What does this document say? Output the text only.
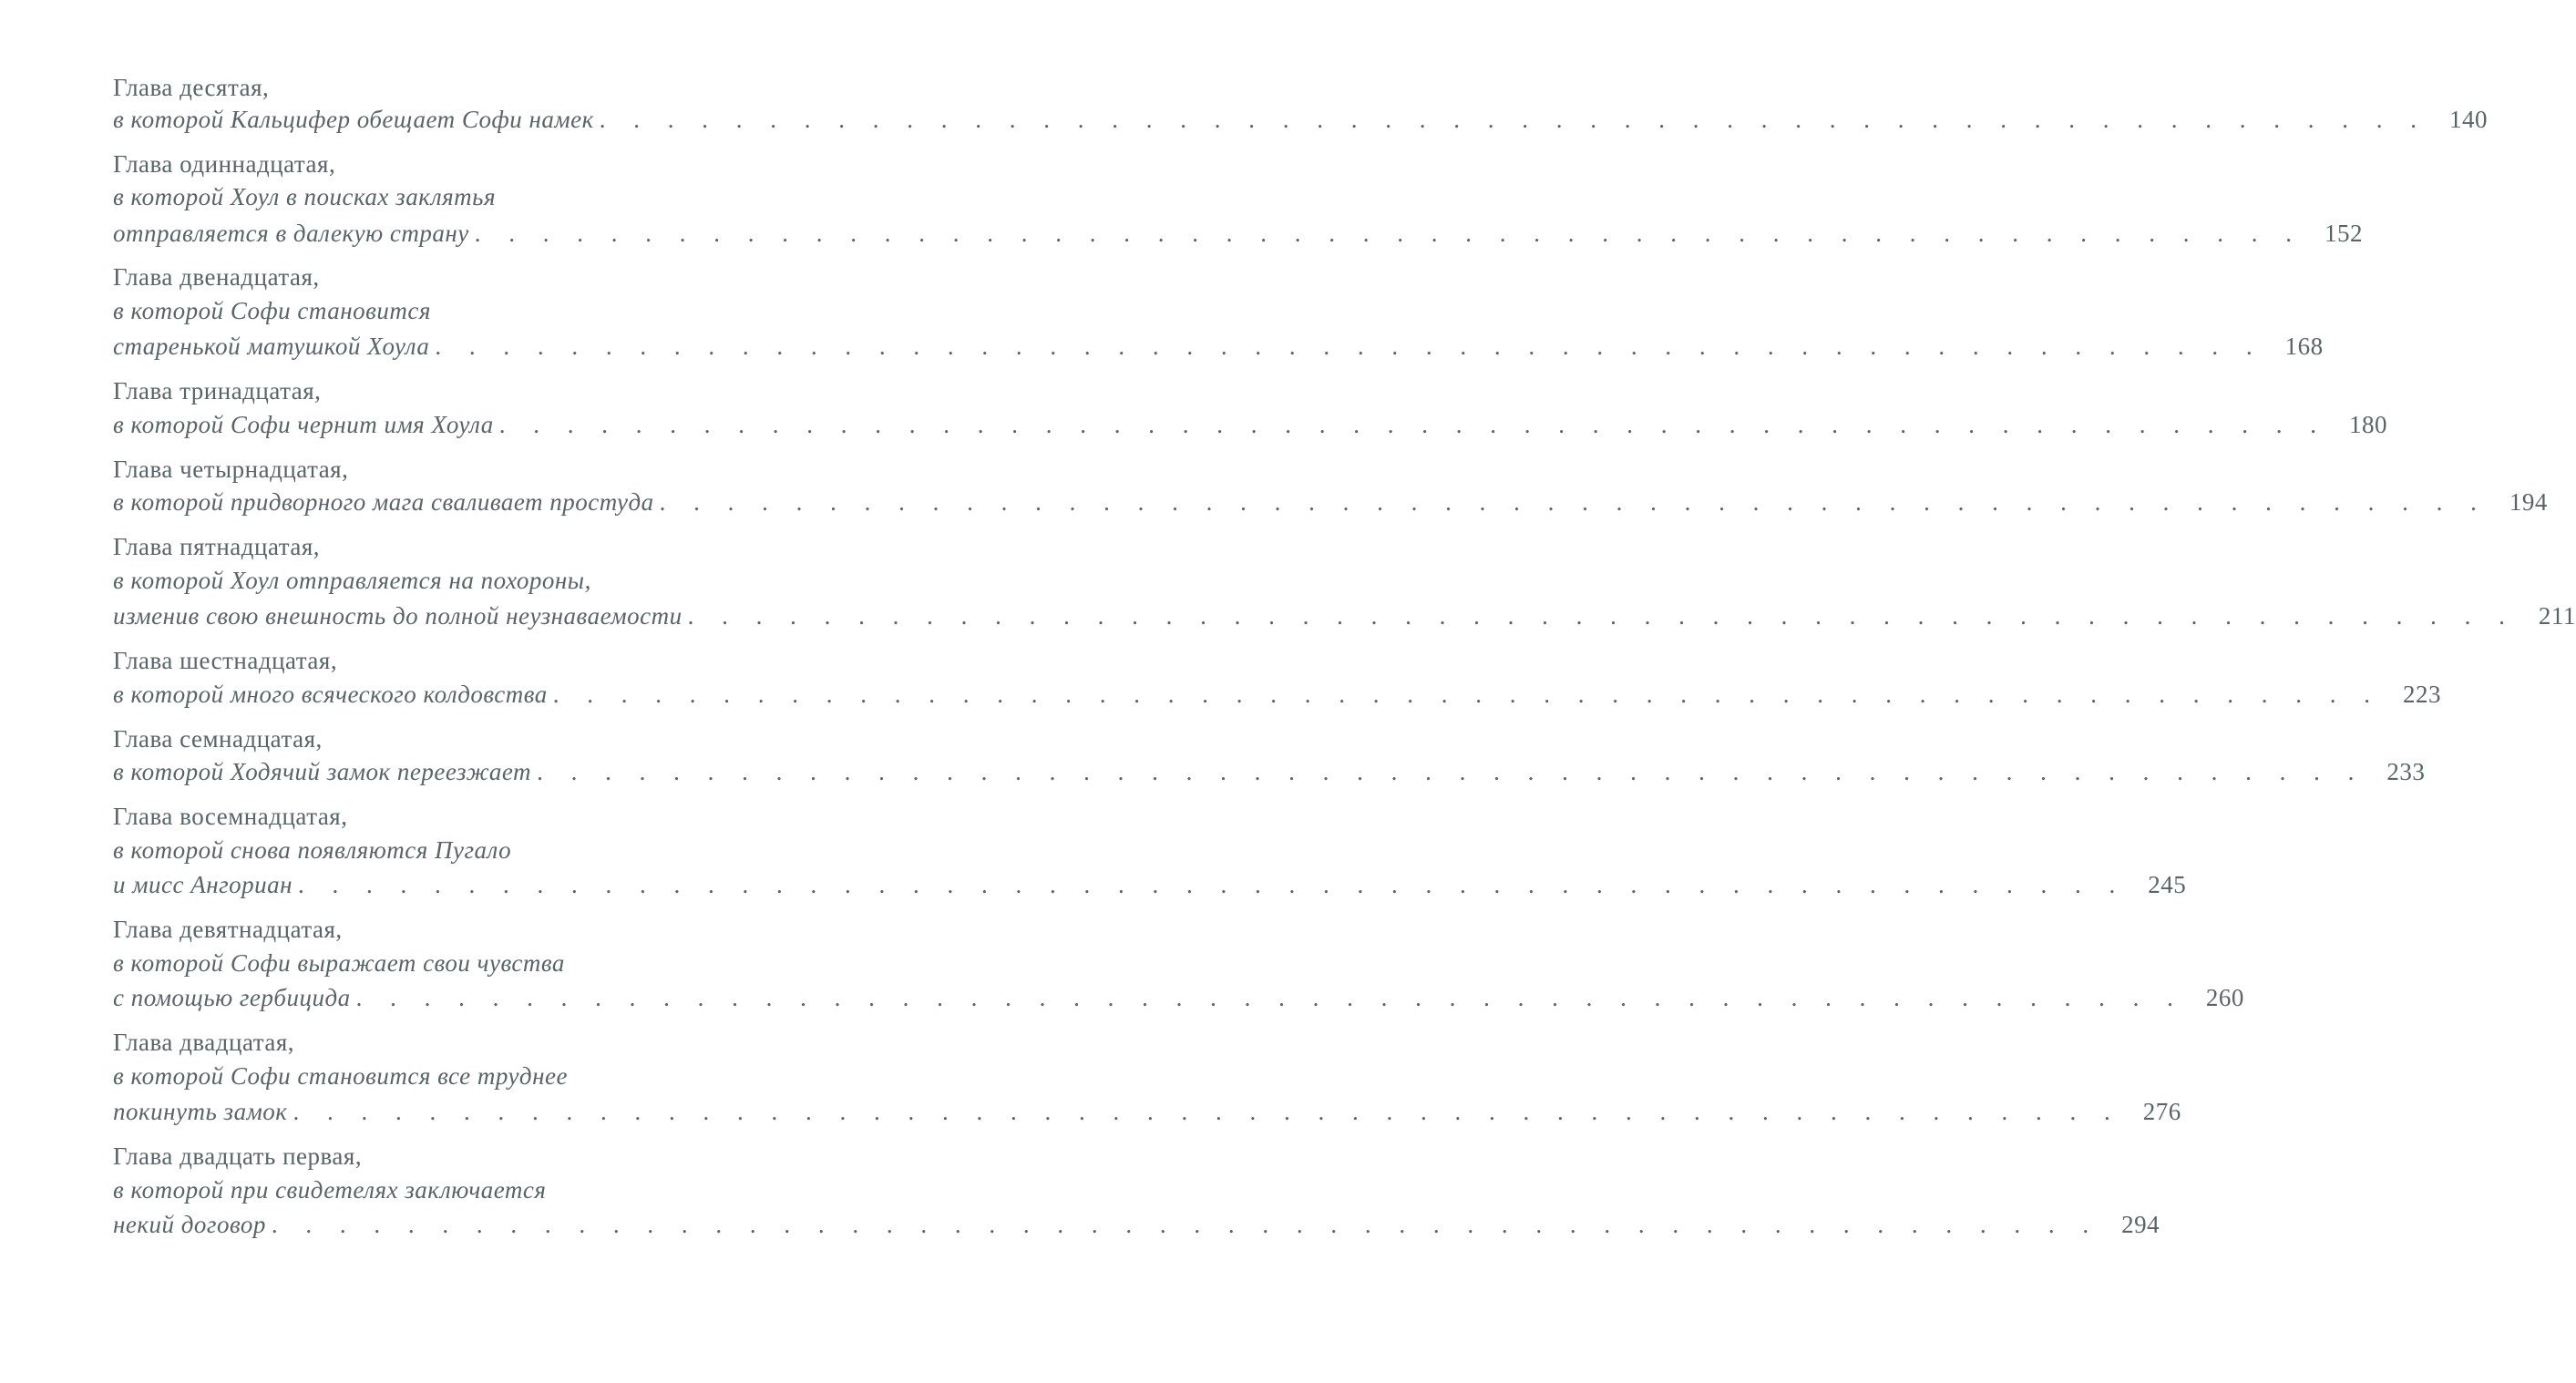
Глава десятая,
в которой Кальцифер обещает Софи намек . . . . . . . . . . . . . . . . . . . . . . . . . . . . . . . . . . . . . . . . . . . . . . . . . . . . . . 140
Глава одиннадцатая,
в которой Хоул в поисках заклятья
отправляется в далекую страну . . . . . . . . . . . . . . . . . . . . . . . . . . . . . . . . . . . . . . . . . . . . . . . . . . . . . . 152
Глава двенадцатая,
в которой Софи становится
старенькой матушкой Хоула . . . . . . . . . . . . . . . . . . . . . . . . . . . . . . . . . . . . . . . . . . . . . . . . . . . . . . 168
Глава тринадцатая,
в которой Софи чернит имя Хоула . . . . . . . . . . . . . . . . . . . . . . . . . . . . . . . . . . . . . . . . . . . . . . . . . . . . . . 180
Глава четырнадцатая,
в которой придворного мага сваливает простуда . . . . . . . . . . . . . . . . . . . . . . . . . . . . . . . . . . . . . . . . . . . . . . . . . . . . . . 194
Глава пятнадцатая,
в которой Хоул отправляется на похороны,
изменив свою внешность до полной неузнаваемости . . . . . . . . . . . . . . . . . . . . . . . . . . . . . . . . . . . . . . . . . . . . . . . . . . . . . . 211
Глава шестнадцатая,
в которой много всяческого колдовства . . . . . . . . . . . . . . . . . . . . . . . . . . . . . . . . . . . . . . . . . . . . . . . . . . . . . . 223
Глава семнадцатая,
в которой Ходячий замок переезжает . . . . . . . . . . . . . . . . . . . . . . . . . . . . . . . . . . . . . . . . . . . . . . . . . . . . . . 233
Глава восемнадцатая,
в которой снова появляются Пугало
и мисс Ангориан . . . . . . . . . . . . . . . . . . . . . . . . . . . . . . . . . . . . . . . . . . . . . . . . . . . . . . 245
Глава девятнадцатая,
в которой Софи выражает свои чувства
с помощью гербицида . . . . . . . . . . . . . . . . . . . . . . . . . . . . . . . . . . . . . . . . . . . . . . . . . . . . . . 260
Глава двадцатая,
в которой Софи становится все труднее
покинуть замок . . . . . . . . . . . . . . . . . . . . . . . . . . . . . . . . . . . . . . . . . . . . . . . . . . . . . . 276
Глава двадцать первая,
в которой при свидетелях заключается
некий договор . . . . . . . . . . . . . . . . . . . . . . . . . . . . . . . . . . . . . . . . . . . . . . . . . . . . . . 294
